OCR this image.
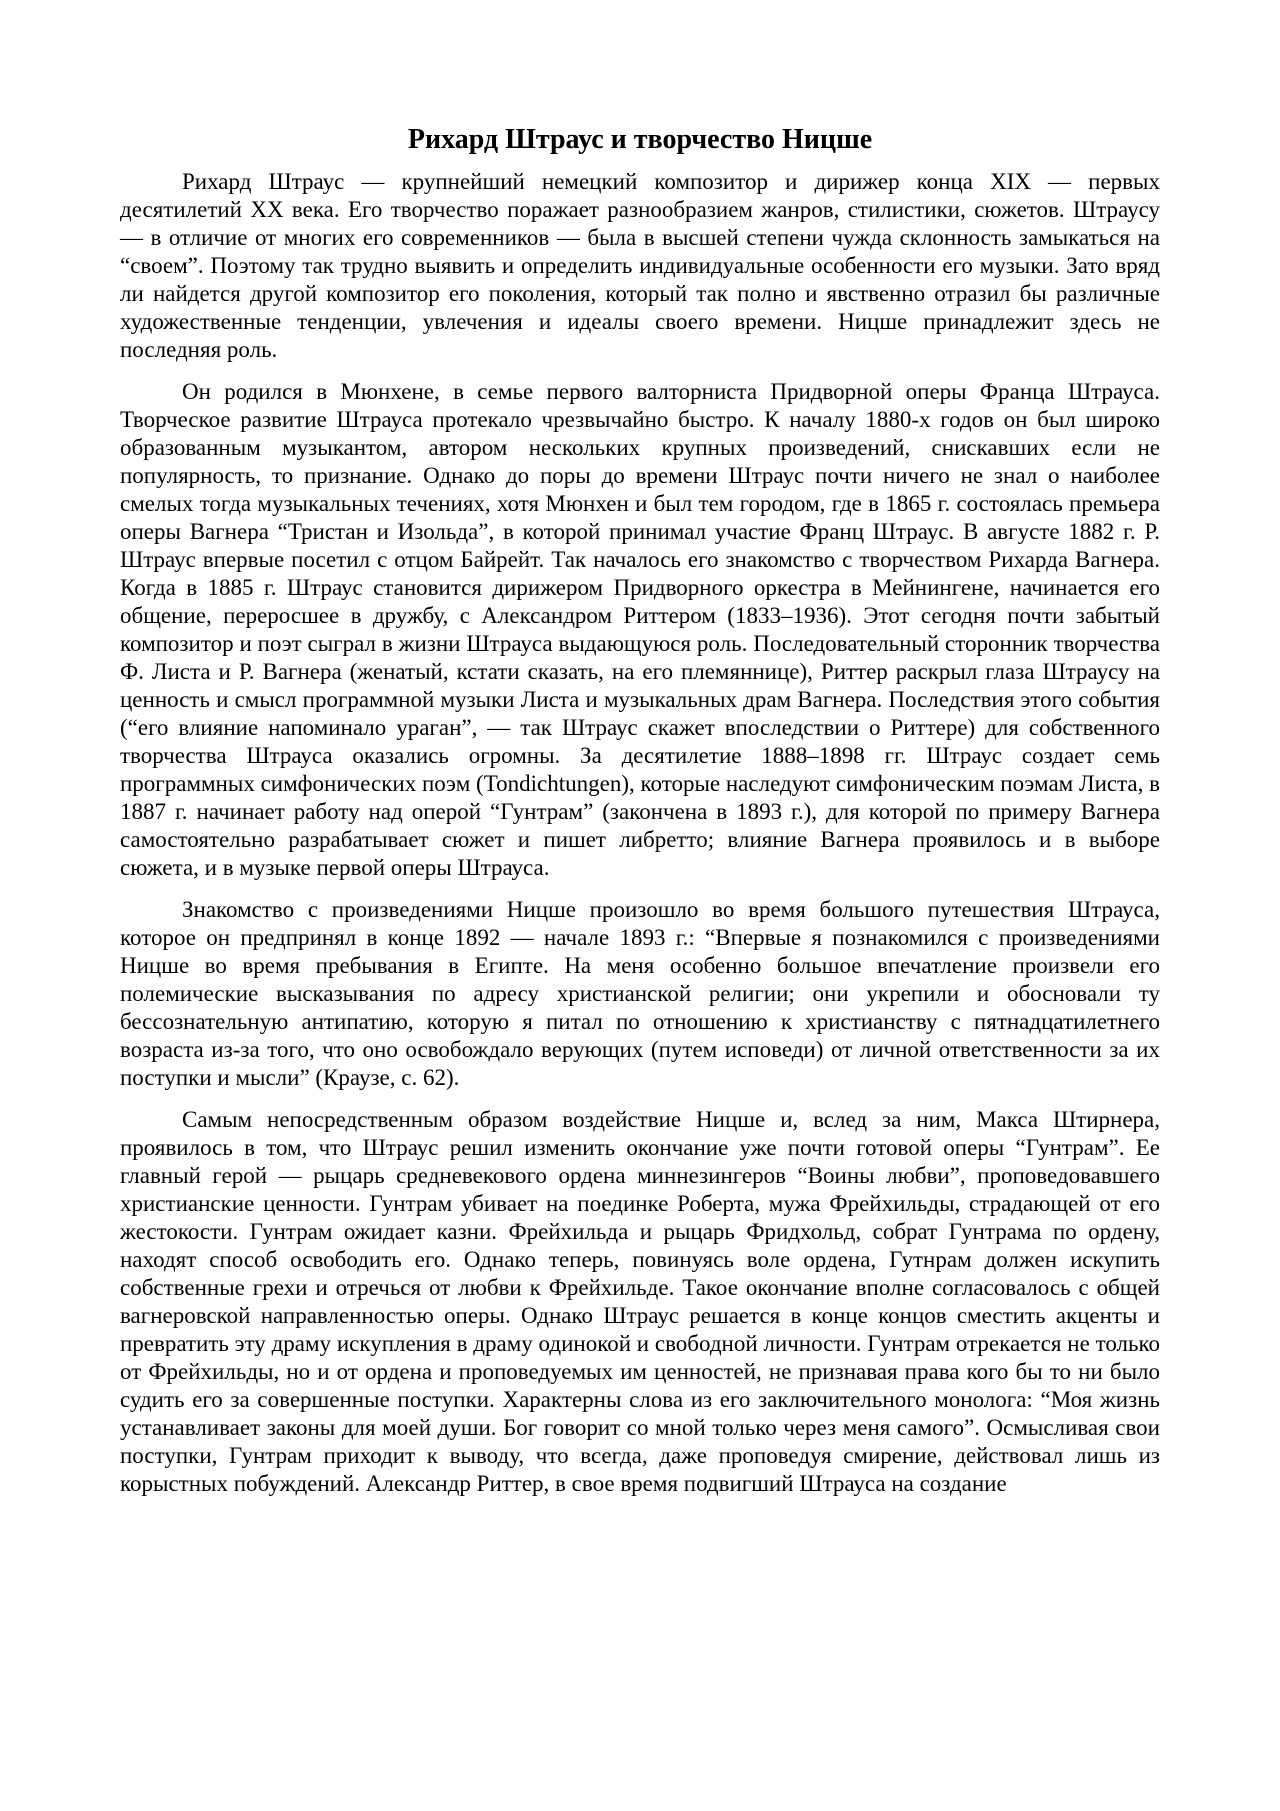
Рихард Штраус и творчество Ницше

Рихард Штраус — крупнейший немецкий композитор и дирижер конца XIX — первых десятилетий XX века. Его творчество поражает разнообразием жанров, стилистики, сюжетов. Штраусу — в отличие от многих его современников — была в высшей степени чужда склонность замыкаться на “своем”. Поэтому так трудно выявить и определить индивидуальные особенности его музыки. Зато вряд ли найдется другой композитор его поколения, который так полно и явственно отразил бы различные художественные тенденции, увлечения и идеалы своего времени. Ницше принадлежит здесь не последняя роль.

Он родился в Мюнхене, в семье первого валторниста Придворной оперы Франца Штрауса. Творческое развитие Штрауса протекало чрезвычайно быстро. К началу 1880-х годов он был широко образованным музыкантом, автором нескольких крупных произведений, снискавших если не популярность, то признание. Однако до поры до времени Штраус почти ничего не знал о наиболее смелых тогда музыкальных течениях, хотя Мюнхен и был тем городом, где в 1865 г. состоялась премьера оперы Вагнера “Тристан и Изольда”, в которой принимал участие Франц Штраус. В августе 1882 г. Р. Штраус впервые посетил с отцом Байрейт. Так началось его знакомство с творчеством Рихарда Вагнера. Когда в 1885 г. Штраус становится дирижером Придворного оркестра в Мейнингене, начинается его общение, переросшее в дружбу, с Александром Риттером (1833–1936). Этот сегодня почти забытый композитор и поэт сыграл в жизни Штрауса выдающуюся роль. Последовательный сторонник творчества Ф. Листа и Р. Вагнера (женатый, кстати сказать, на его племяннице), Риттер раскрыл глаза Штраусу на ценность и смысл программной музыки Листа и музыкальных драм Вагнера. Последствия этого события (“его влияние напоминало ураган”, — так Штраус скажет впоследствии о Риттере) для собственного творчества Штрауса оказались огромны. За десятилетие 1888–1898 гг. Штраус создает семь программных симфонических поэм (Tondichtungen), которые наследуют симфоническим поэмам Листа, в 1887 г. начинает работу над оперой “Гунтрам” (закончена в 1893 г.), для которой по примеру Вагнера самостоятельно разрабатывает сюжет и пишет либретто; влияние Вагнера проявилось и в выборе сюжета, и в музыке первой оперы Штрауса.

Знакомство с произведениями Ницше произошло во время большого путешествия Штрауса, которое он предпринял в конце 1892 — начале 1893 г.: “Впервые я познакомился с произведениями Ницше во время пребывания в Египте. На меня особенно большое впечатление произвели его полемические высказывания по адресу христианской религии; они укрепили и обосновали ту бессознательную антипатию, которую я питал по отношению к христианству с пятнадцатилетнего возраста из-за того, что оно освобождало верующих (путем исповеди) от личной ответственности за их поступки и мысли” (Краузе, с. 62).

Самым непосредственным образом воздействие Ницше и, вслед за ним, Макса Штирнера, проявилось в том, что Штраус решил изменить окончание уже почти готовой оперы “Гунтрам”. Ее главный герой — рыцарь средневекового ордена миннезингеров “Воины любви”, проповедовавшего христианские ценности. Гунтрам убивает на поединке Роберта, мужа Фрейхильды, страдающей от его жестокости. Гунтрам ожидает казни. Фрейхильда и рыцарь Фридхольд, собрат Гунтрама по ордену, находят способ освободить его. Однако теперь, повинуясь воле ордена, Гутнрам должен искупить собственные грехи и отречься от любви к Фрейхильде. Такое окончание вполне согласовалось с общей вагнеровской направленностью оперы. Однако Штраус решается в конце концов сместить акценты и превратить эту драму искупления в драму одинокой и свободной личности. Гунтрам отрекается не только от Фрейхильды, но и от ордена и проповедуемых им ценностей, не признавая права кого бы то ни было судить его за совершенные поступки. Характерны слова из его заключительного монолога: “Моя жизнь устанавливает законы для моей души. Бог говорит со мной только через меня самого”. Осмысливая свои поступки, Гунтрам приходит к выводу, что всегда, даже проповедуя смирение, действовал лишь из корыстных побуждений. Александр Риттер, в свое время подвигший Штрауса на создание
